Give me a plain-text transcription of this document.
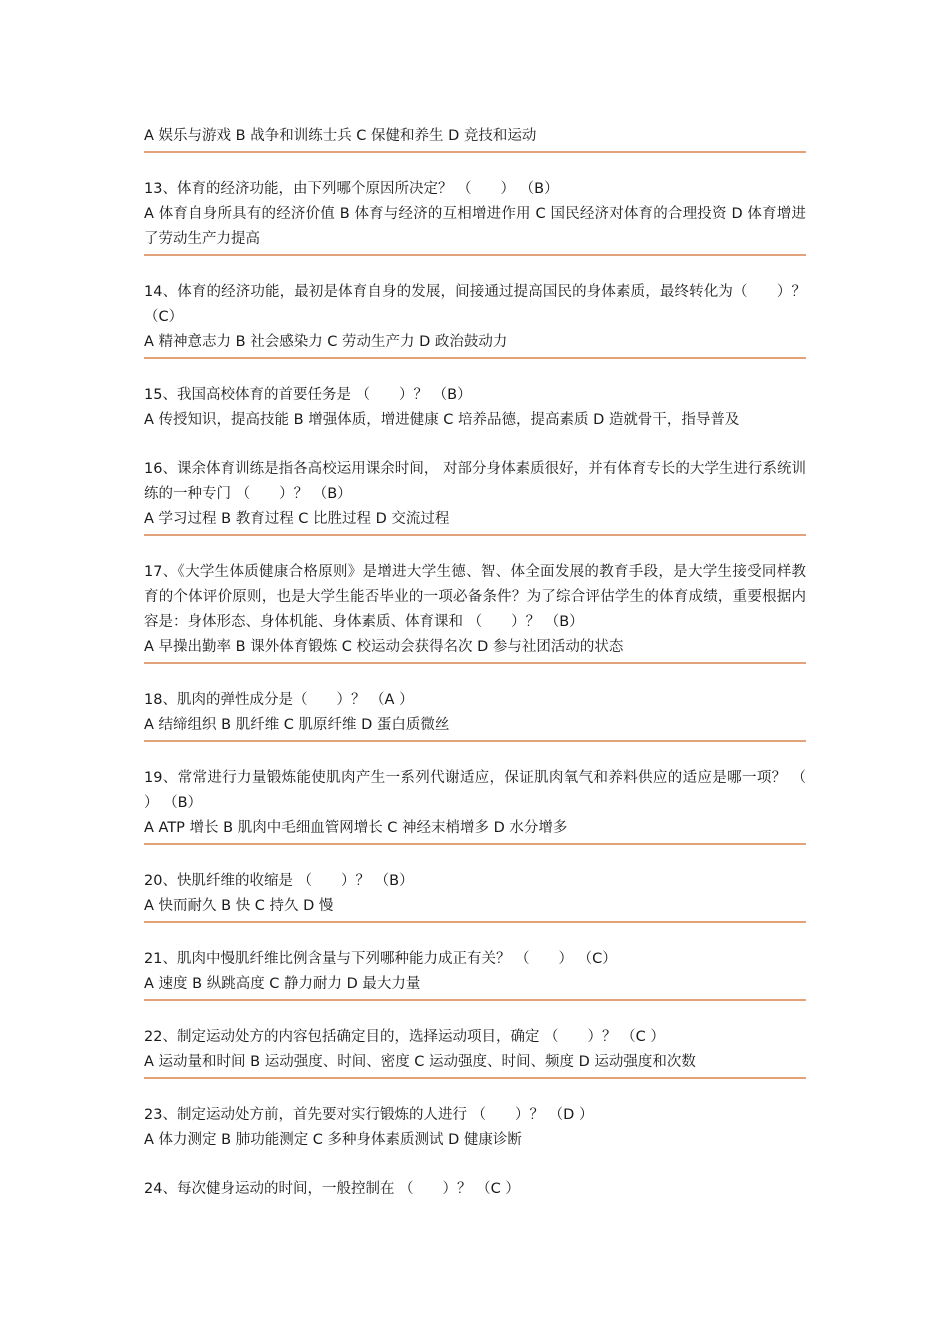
A 娱乐与游戏 B 战争和训练士兵 C 保健和养生 D 竞技和运动

13、体育的经济功能，由下列哪个原因所决定？ （　　） （B）

A 体育自身所具有的经济价值 B 体育与经济的互相增进作用 C 国民经济对体育的合理投资 D 体育增进了劳动生产力提高

14、体育的经济功能，最初是体育自身的发展，间接通过提高国民的身体素质，最终转化为（　　）？ （C）

A 精神意志力 B 社会感染力 C 劳动生产力 D 政治鼓动力

15、我国高校体育的首要任务是 （　　）？ （B）

A 传授知识，提高技能 B 增强体质，增进健康 C 培养品德，提高素质 D 造就骨干，指导普及

16、课余体育训练是指各高校运用课余时间， 对部分身体素质很好，并有体育专长的大学生进行系统训练的一种专门 （　　）？ （B）

A 学习过程 B 教育过程 C 比胜过程 D 交流过程

17、《大学生体质健康合格原则》是增进大学生德、智、体全面发展的教育手段，是大学生接受同样教育的个体评价原则，也是大学生能否毕业的一项必备条件？为了综合评估学生的体育成绩，重要根据内容是：身体形态、身体机能、身体素质、体育课和 （　　）？ （B）

A 早操出勤率 B 课外体育锻炼 C 校运动会获得名次 D 参与社团活动的状态

18、肌肉的弹性成分是（　　）？ （A ）

A 结缔组织 B 肌纤维 C 肌原纤维 D 蛋白质微丝

19、常常进行力量锻炼能使肌肉产生一系列代谢适应，保证肌肉氧气和养料供应的适应是哪一项？ （　　） （B）

A ATP 增长 B 肌肉中毛细血管网增长 C 神经末梢增多 D 水分增多

20、快肌纤维的收缩是 （　　）？ （B）

A 快而耐久 B 快 C 持久 D 慢

21、肌肉中慢肌纤维比例含量与下列哪种能力成正有关？ （　　） （C）

A 速度 B 纵跳高度 C 静力耐力 D 最大力量

22、制定运动处方的内容包括确定目的，选择运动项目，确定 （　　）？ （C ）

A 运动量和时间 B 运动强度、时间、密度 C 运动强度、时间、频度 D 运动强度和次数

23、制定运动处方前，首先要对实行锻炼的人进行 （　　）？ （D ）

A 体力测定 B 肺功能测定 C 多种身体素质测试 D 健康诊断

24、每次健身运动的时间，一般控制在 （　　）？ （C ）
